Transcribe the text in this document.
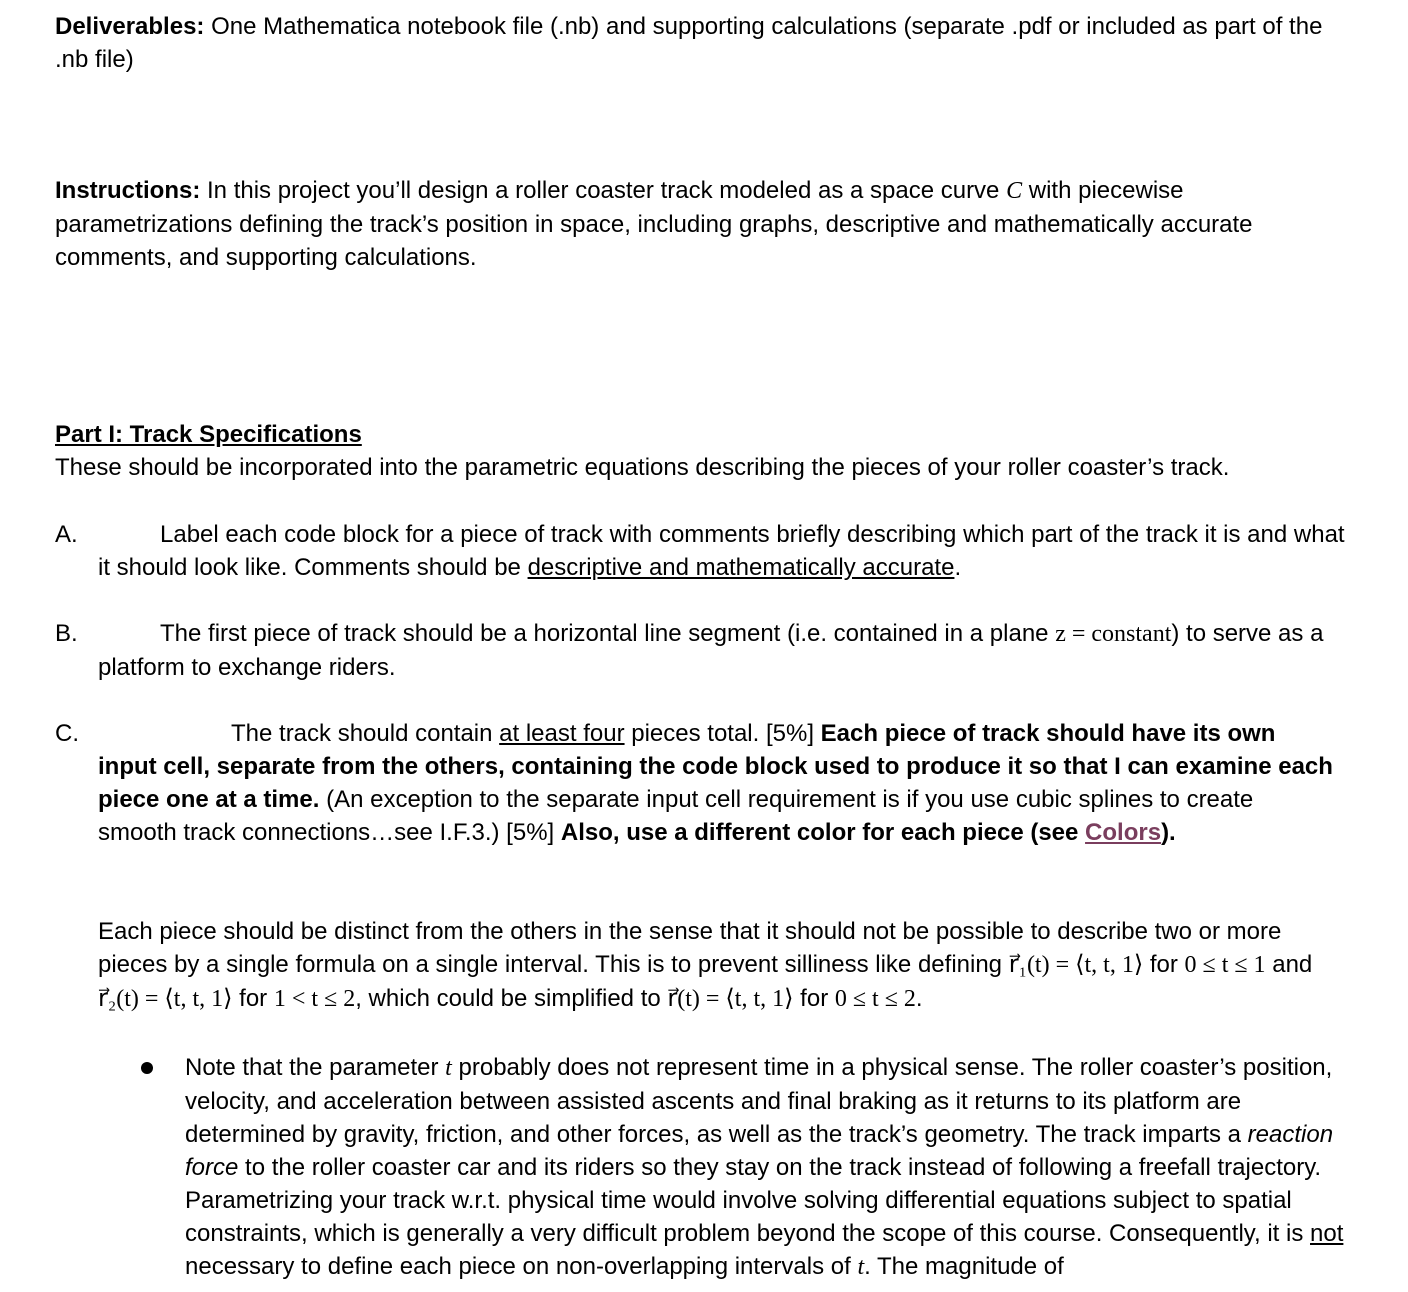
Deliverables: One Mathematica notebook file (.nb) and supporting calculations (separate .pdf or included as part of the .nb file)

Instructions: In this project you’ll design a roller coaster track modeled as a space curve C with piecewise parametrizations defining the track’s position in space, including graphs, descriptive and mathematically accurate comments, and supporting calculations.

Part I: Track Specifications

These should be incorporated into the parametric equations describing the pieces of your roller coaster’s track.

A.	Label each code block for a piece of track with comments briefly describing which part of the track it is and what it should look like. Comments should be descriptive and mathematically accurate.

B.	The first piece of track should be a horizontal line segment (i.e. contained in a plane z = constant) to serve as a platform to exchange riders.

C.	The track should contain at least four pieces total. [5%] Each piece of track should have its own input cell, separate from the others, containing the code block used to produce it so that I can examine each piece one at a time. (An exception to the separate input cell requirement is if you use cubic splines to create smooth track connections…see I.F.3.) [5%] Also, use a different color for each piece (see Colors).

Each piece should be distinct from the others in the sense that it should not be possible to describe two or more pieces by a single formula on a single interval. This is to prevent silliness like defining r⃗₁(t) = ⟨t, t, 1⟩ for 0 ≤ t ≤ 1 and r⃗₂(t) = ⟨t, t, 1⟩ for 1 < t ≤ 2, which could be simplified to r⃗(t) = ⟨t, t, 1⟩ for 0 ≤ t ≤ 2.

Note that the parameter t probably does not represent time in a physical sense. The roller coaster’s position, velocity, and acceleration between assisted ascents and final braking as it returns to its platform are determined by gravity, friction, and other forces, as well as the track’s geometry. The track imparts a reaction force to the roller coaster car and its riders so they stay on the track instead of following a freefall trajectory. Parametrizing your track w.r.t. physical time would involve solving differential equations subject to spatial constraints, which is generally a very difficult problem beyond the scope of this course. Consequently, it is not necessary to define each piece on non-overlapping intervals of t. The magnitude of
